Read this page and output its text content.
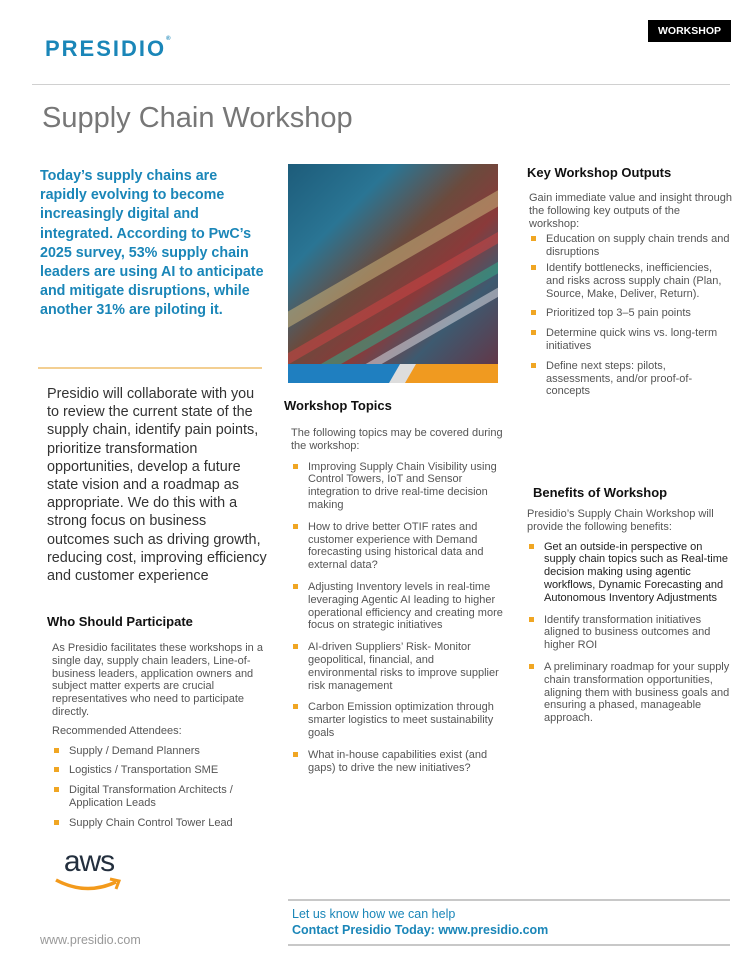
PRESIDIO®
WORKSHOP
Supply Chain Workshop
Today’s supply chains are rapidly evolving to become increasingly digital and integrated. According to PwC’s 2025 survey, 53% supply chain leaders are using AI to anticipate and mitigate disruptions, while another 31% are piloting it.
Presidio will collaborate with you to review the current state of the supply chain, identify pain points, prioritize transformation opportunities, develop a future state vision and a roadmap as appropriate. We do this with a strong focus on business outcomes such as driving growth, reducing cost, improving efficiency and customer experience
Who Should Participate

As Presidio facilitates these workshops in a single day, supply chain leaders, Line-of-business leaders, application owners and subject matter experts are crucial representatives who need to participate directly.

Recommended Attendees:

Supply / Demand Planners
Logistics / Transportation SME
Digital Transformation Architects / Application Leads
Supply Chain Control Tower Lead
Workshop Topics

The following topics may be covered during the workshop:

Improving Supply Chain Visibility using Control Towers, IoT and Sensor integration to drive real-time decision making
How to drive better OTIF rates and customer experience with Demand forecasting using historical data and external data?
Adjusting Inventory levels in real-time leveraging Agentic AI leading to higher operational efficiency and creating more focus on strategic initiatives
AI-driven Suppliers’ Risk- Monitor geopolitical, financial, and environmental risks to improve supplier risk management
Carbon Emission optimization through smarter logistics to meet sustainability goals
What in-house capabilities exist (and gaps) to drive the new initiatives?
Key Workshop Outputs

Gain immediate value and insight through the following key outputs of the workshop:

Education on supply chain trends and disruptions
Identify bottlenecks, inefficiencies, and risks across supply chain (Plan, Source, Make, Deliver, Return).
Prioritized top 3–5 pain points
Determine quick wins vs. long-term initiatives
Define next steps: pilots, assessments, and/or proof-of-concepts
Benefits of Workshop

Presidio’s Supply Chain Workshop will provide the following benefits:

Get an outside-in perspective on supply chain topics such as Real-time decision making using agentic workflows, Dynamic Forecasting and Autonomous Inventory Adjustments
Identify transformation initiatives aligned to business outcomes and higher ROI
A preliminary roadmap for your supply chain transformation opportunities, aligning them with business goals and ensuring a phased, manageable approach.
aws
Let us know how we can help
Contact Presidio Today: www.presidio.com
www.presidio.com
